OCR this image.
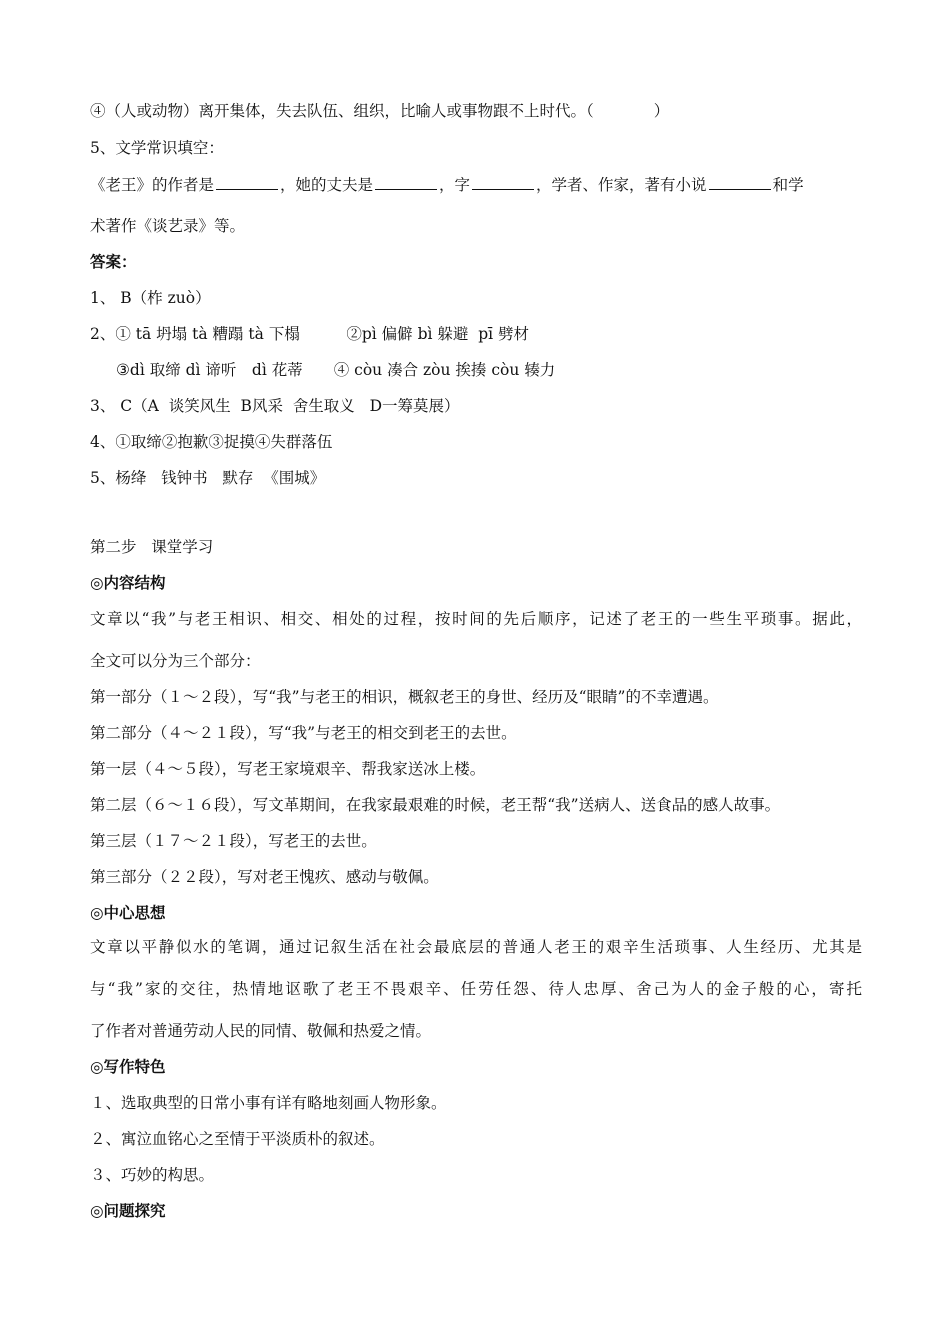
④（人或动物）离开集体，失去队伍、组织，比喻人或事物跟不上时代。（	）
5、文学常识填空：
《老王》的作者是	，她的丈夫是	，字	，学者、作家，著有小说	和学
术著作《谈艺录》等。
答案：
1、 B（柞 zuò）
2、① tā 坍塌 tà 糟蹋 tà 下榻　　　②pì 偏僻 bì 躲避  pī 劈材
③dì 取缔 dì 谛听　dì 花蒂　　④ còu 凑合 zòu 挨揍 còu 辏力
3、 C（A  谈笑风生  B风采  舍生取义   D一筹莫展）
4、①取缔②抱歉③捉摸④失群落伍
5、杨绛   钱钟书   默存  《围城》
第二步   课堂学习
◎内容结构
文章以“我”与老王相识、相交、相处的过程，按时间的先后顺序，记述了老王的一些生平琐事。据此，
全文可以分为三个部分：
第一部分（１～２段），写“我”与老王的相识，概叙老王的身世、经历及“眼睛”的不幸遭遇。
第二部分（４～２１段），写“我”与老王的相交到老王的去世。
第一层（４～５段），写老王家境艰辛、帮我家送冰上楼。
第二层（６～１６段），写文革期间，在我家最艰难的时候，老王帮“我”送病人、送食品的感人故事。
第三层（１７～２１段），写老王的去世。
第三部分（２２段），写对老王愧疚、感动与敬佩。
◎中心思想
文章以平静似水的笔调，通过记叙生活在社会最底层的普通人老王的艰辛生活琐事、人生经历、尤其是
与“我”家的交往，热情地讴歌了老王不畏艰辛、任劳任怨、待人忠厚、舍己为人的金子般的心，寄托
了作者对普通劳动人民的同情、敬佩和热爱之情。
◎写作特色
１、选取典型的日常小事有详有略地刻画人物形象。
２、寓泣血铭心之至情于平淡质朴的叙述。
３、巧妙的构思。
◎问题探究
